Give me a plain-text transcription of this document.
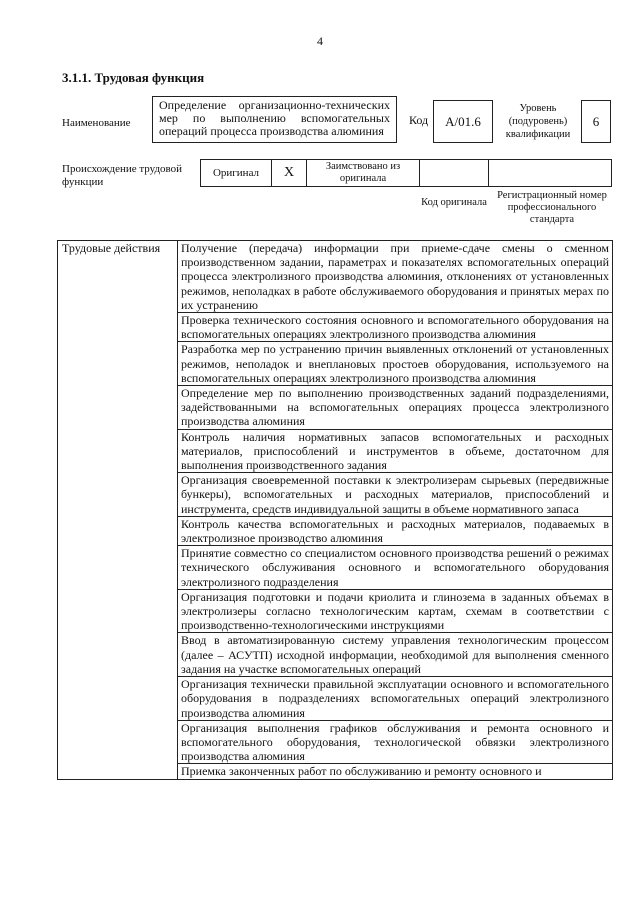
4
3.1.1. Трудовая функция
Наименование
Определение организационно-технических мер по выполнению вспомогательных операций процесса производства алюминия
Код А/01.6
Уровень (подуровень) квалификации
6
Происхождение трудовой функции
Оригинал X	Заимствовано из оригинала
Код оригинала
Регистрационный номер профессионального стандарта
Трудовые действия	Получение (передача) информации при приеме-сдаче смены о сменном производственном задании, параметрах и показателях вспомогательных операций процесса электролизного производства алюминия, отклонениях от установленных режимов, неполадках в работе обслуживаемого оборудования и принятых мерах по их устранению
Проверка технического состояния основного и вспомогательного оборудования на вспомогательных операциях электролизного производства алюминия
Разработка мер по устранению причин выявленных отклонений от установленных режимов, неполадок и внеплановых простоев оборудования, используемого на вспомогательных операциях электролизного производства алюминия
Определение мер по выполнению производственных заданий подразделениями, задействованными на вспомогательных операциях процесса электролизного производства алюминия
Контроль наличия нормативных запасов вспомогательных и расходных материалов, приспособлений и инструментов в объеме, достаточном для выполнения производственного задания
Организация своевременной поставки к электролизерам сырьевых (передвижные бункеры), вспомогательных и расходных материалов, приспособлений и инструмента, средств индивидуальной защиты в объеме нормативного запаса
Контроль качества вспомогательных и расходных материалов, подаваемых в электролизное производство алюминия
Принятие совместно со специалистом основного производства решений о режимах технического обслуживания основного и вспомогательного оборудования электролизного подразделения
Организация подготовки и подачи криолита и глинозема в заданных объемах в электролизеры согласно технологическим картам, схемам в соответствии с производственно-технологическими инструкциями
Ввод в автоматизированную систему управления технологическим процессом (далее – АСУТП) исходной информации, необходимой для выполнения сменного задания на участке вспомогательных операций
Организация технически правильной эксплуатации основного и вспомогательного оборудования в подразделениях вспомогательных операций электролизного производства алюминия
Организация выполнения графиков обслуживания и ремонта основного и вспомогательного оборудования, технологической обвязки электролизного производства алюминия
Приемка законченных работ по обслуживанию и ремонту основного и
